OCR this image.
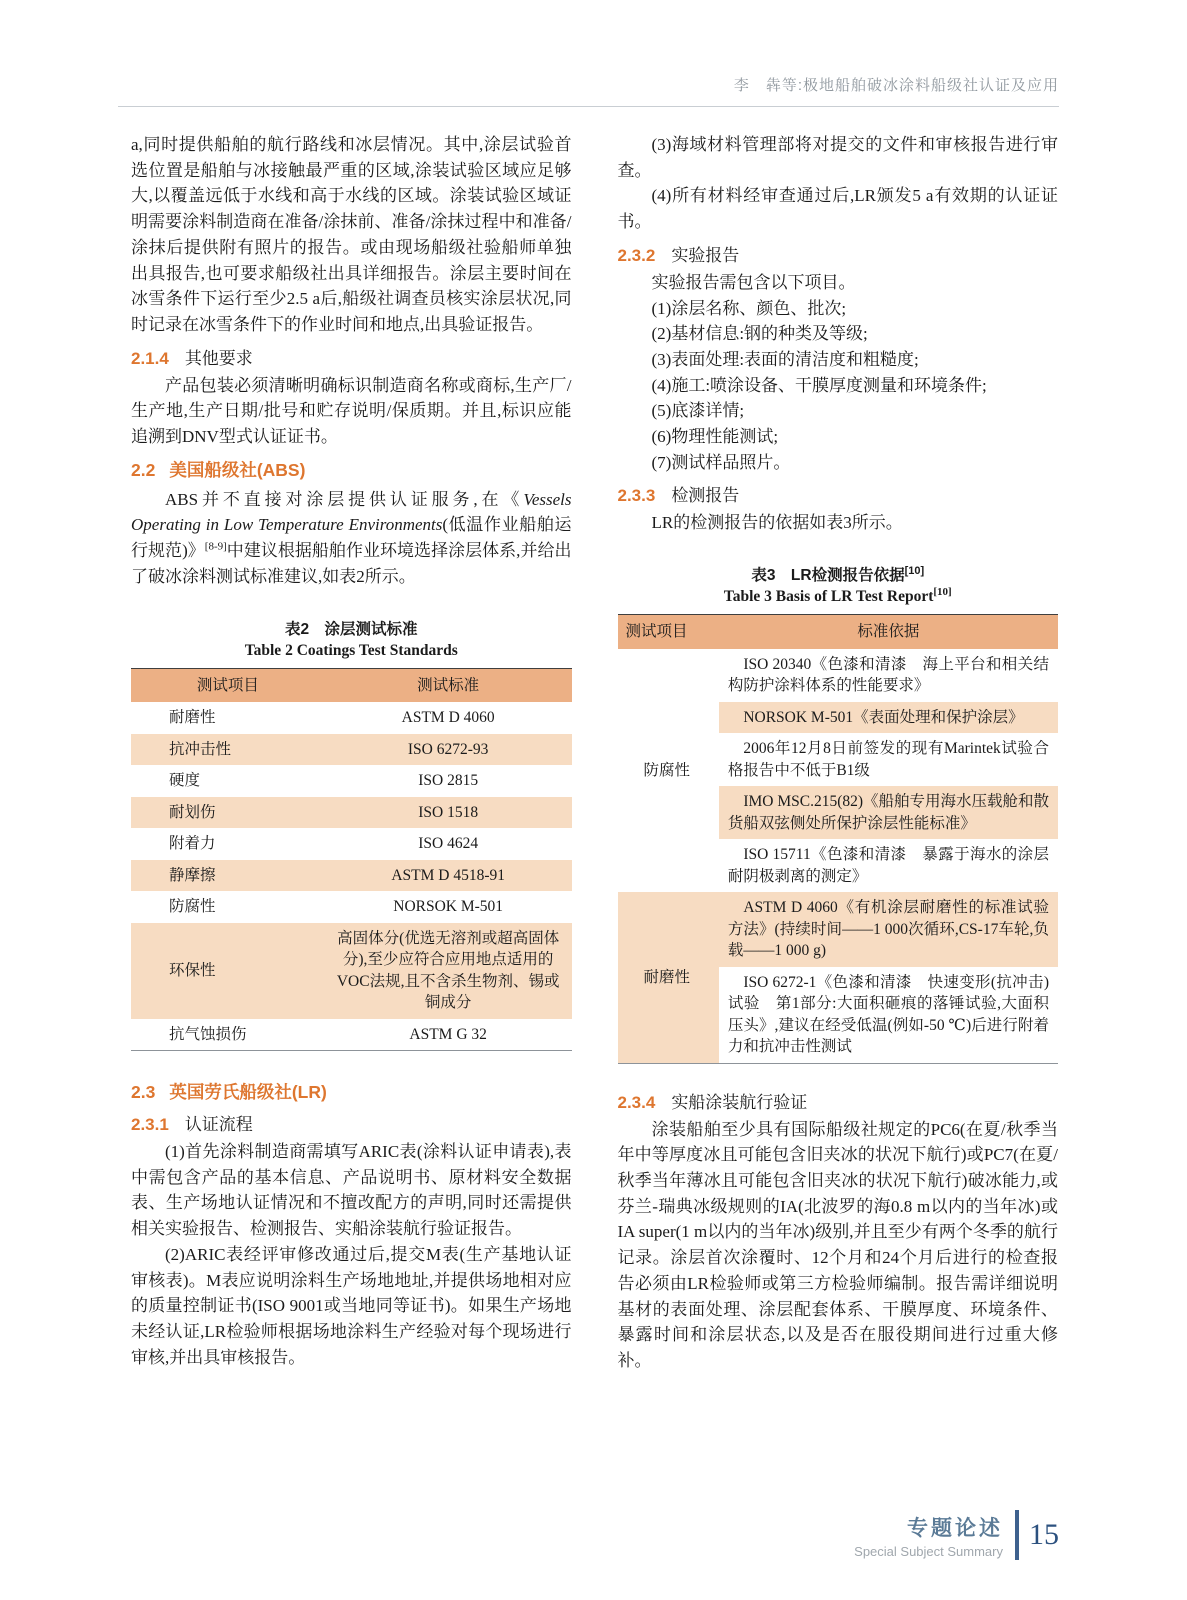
李　犇等:极地船舶破冰涂料船级社认证及应用

a,同时提供船舶的航行路线和冰层情况。其中,涂层试验首选位置是船舶与冰接触最严重的区域,涂装试验区域应足够大,以覆盖远低于水线和高于水线的区域。涂装试验区域证明需要涂料制造商在准备/涂抹前、准备/涂抹过程中和准备/涂抹后提供附有照片的报告。或由现场船级社验船师单独出具报告,也可要求船级社出具详细报告。涂层主要时间在冰雪条件下运行至少2.5 a后,船级社调查员核实涂层状况,同时记录在冰雪条件下的作业时间和地点,出具验证报告。

2.1.4 其他要求

产品包装必须清晰明确标识制造商名称或商标,生产厂/生产地,生产日期/批号和贮存说明/保质期。并且,标识应能追溯到DNV型式认证证书。

2.2 美国船级社(ABS)

ABS并不直接对涂层提供认证服务,在《Vessels Operating in Low Temperature Environments(低温作业船舶运行规范)》[8-9]中建议根据船舶作业环境选择涂层体系,并给出了破冰涂料测试标准建议,如表2所示。

表2　涂层测试标准
Table 2 Coatings Test Standards
测试项目	测试标准
耐磨性	ASTM D 4060
抗冲击性	ISO 6272-93
硬度	ISO 2815
耐划伤	ISO 1518
附着力	ISO 4624
静摩擦	ASTM D 4518-91
防腐性	NORSOK M-501
环保性	高固体分(优选无溶剂或超高固体分),至少应符合应用地点适用的VOC法规,且不含杀生物剂、锡或铜成分
抗气蚀损伤	ASTM G 32
2.3 英国劳氏船级社(LR)
2.3.1 认证流程

(1)首先涂料制造商需填写ARIC表(涂料认证申请表),表中需包含产品的基本信息、产品说明书、原材料安全数据表、生产场地认证情况和不擅改配方的声明,同时还需提供相关实验报告、检测报告、实船涂装航行验证报告。

(2)ARIC表经评审修改通过后,提交M表(生产基地认证审核表)。M表应说明涂料生产场地地址,并提供场地相对应的质量控制证书(ISO 9001或当地同等证书)。如果生产场地未经认证,LR检验师根据场地涂料生产经验对每个现场进行审核,并出具审核报告。

(3)海域材料管理部将对提交的文件和审核报告进行审查。

(4)所有材料经审查通过后,LR颁发5 a有效期的认证证书。

2.3.2 实验报告

实验报告需包含以下项目。

(1)涂层名称、颜色、批次;

(2)基材信息:钢的种类及等级;

(3)表面处理:表面的清洁度和粗糙度;

(4)施工:喷涂设备、干膜厚度测量和环境条件;

(5)底漆详情;

(6)物理性能测试;

(7)测试样品照片。

2.3.3 检测报告

LR的检测报告的依据如表3所示。

表3　LR检测报告依据[10]
Table 3 Basis of LR Test Report[10]
测试项目	标准依据
防腐性	ISO 20340《色漆和清漆　海上平台和相关结构防护涂料体系的性能要求》
	NORSOK M-501《表面处理和保护涂层》
	2006年12月8日前签发的现有Marintek试验合格报告中不低于B1级
	IMO MSC.215(82)《船舶专用海水压载舱和散货船双弦侧处所保护涂层性能标准》
	ISO 15711《色漆和清漆　暴露于海水的涂层耐阴极剥离的测定》
耐磨性	ASTM D 4060《有机涂层耐磨性的标准试验方法》(持续时间——1 000次循环,CS-17车轮,负载——1 000 g)
	ISO 6272-1《色漆和清漆　快速变形(抗冲击)试验　第1部分:大面积砸痕的落锤试验,大面积压头》,建议在经受低温(例如-50 ℃)后进行附着力和抗冲击性测试
2.3.4 实船涂装航行验证

涂装船舶至少具有国际船级社规定的PC6(在夏/秋季当年中等厚度冰且可能包含旧夹冰的状况下航行)或PC7(在夏/秋季当年薄冰且可能包含旧夹冰的状况下航行)破冰能力,或芬兰-瑞典冰级规则的IA(北波罗的海0.8 m以内的当年冰)或IA super(1 m以内的当年冰)级别,并且至少有两个冬季的航行记录。涂层首次涂覆时、12个月和24个月后进行的检查报告必须由LR检验师或第三方检验师编制。报告需详细说明基材的表面处理、涂层配套体系、干膜厚度、环境条件、暴露时间和涂层状态,以及是否在服役期间进行过重大修补。

专题论述
Special Subject Summary 15
